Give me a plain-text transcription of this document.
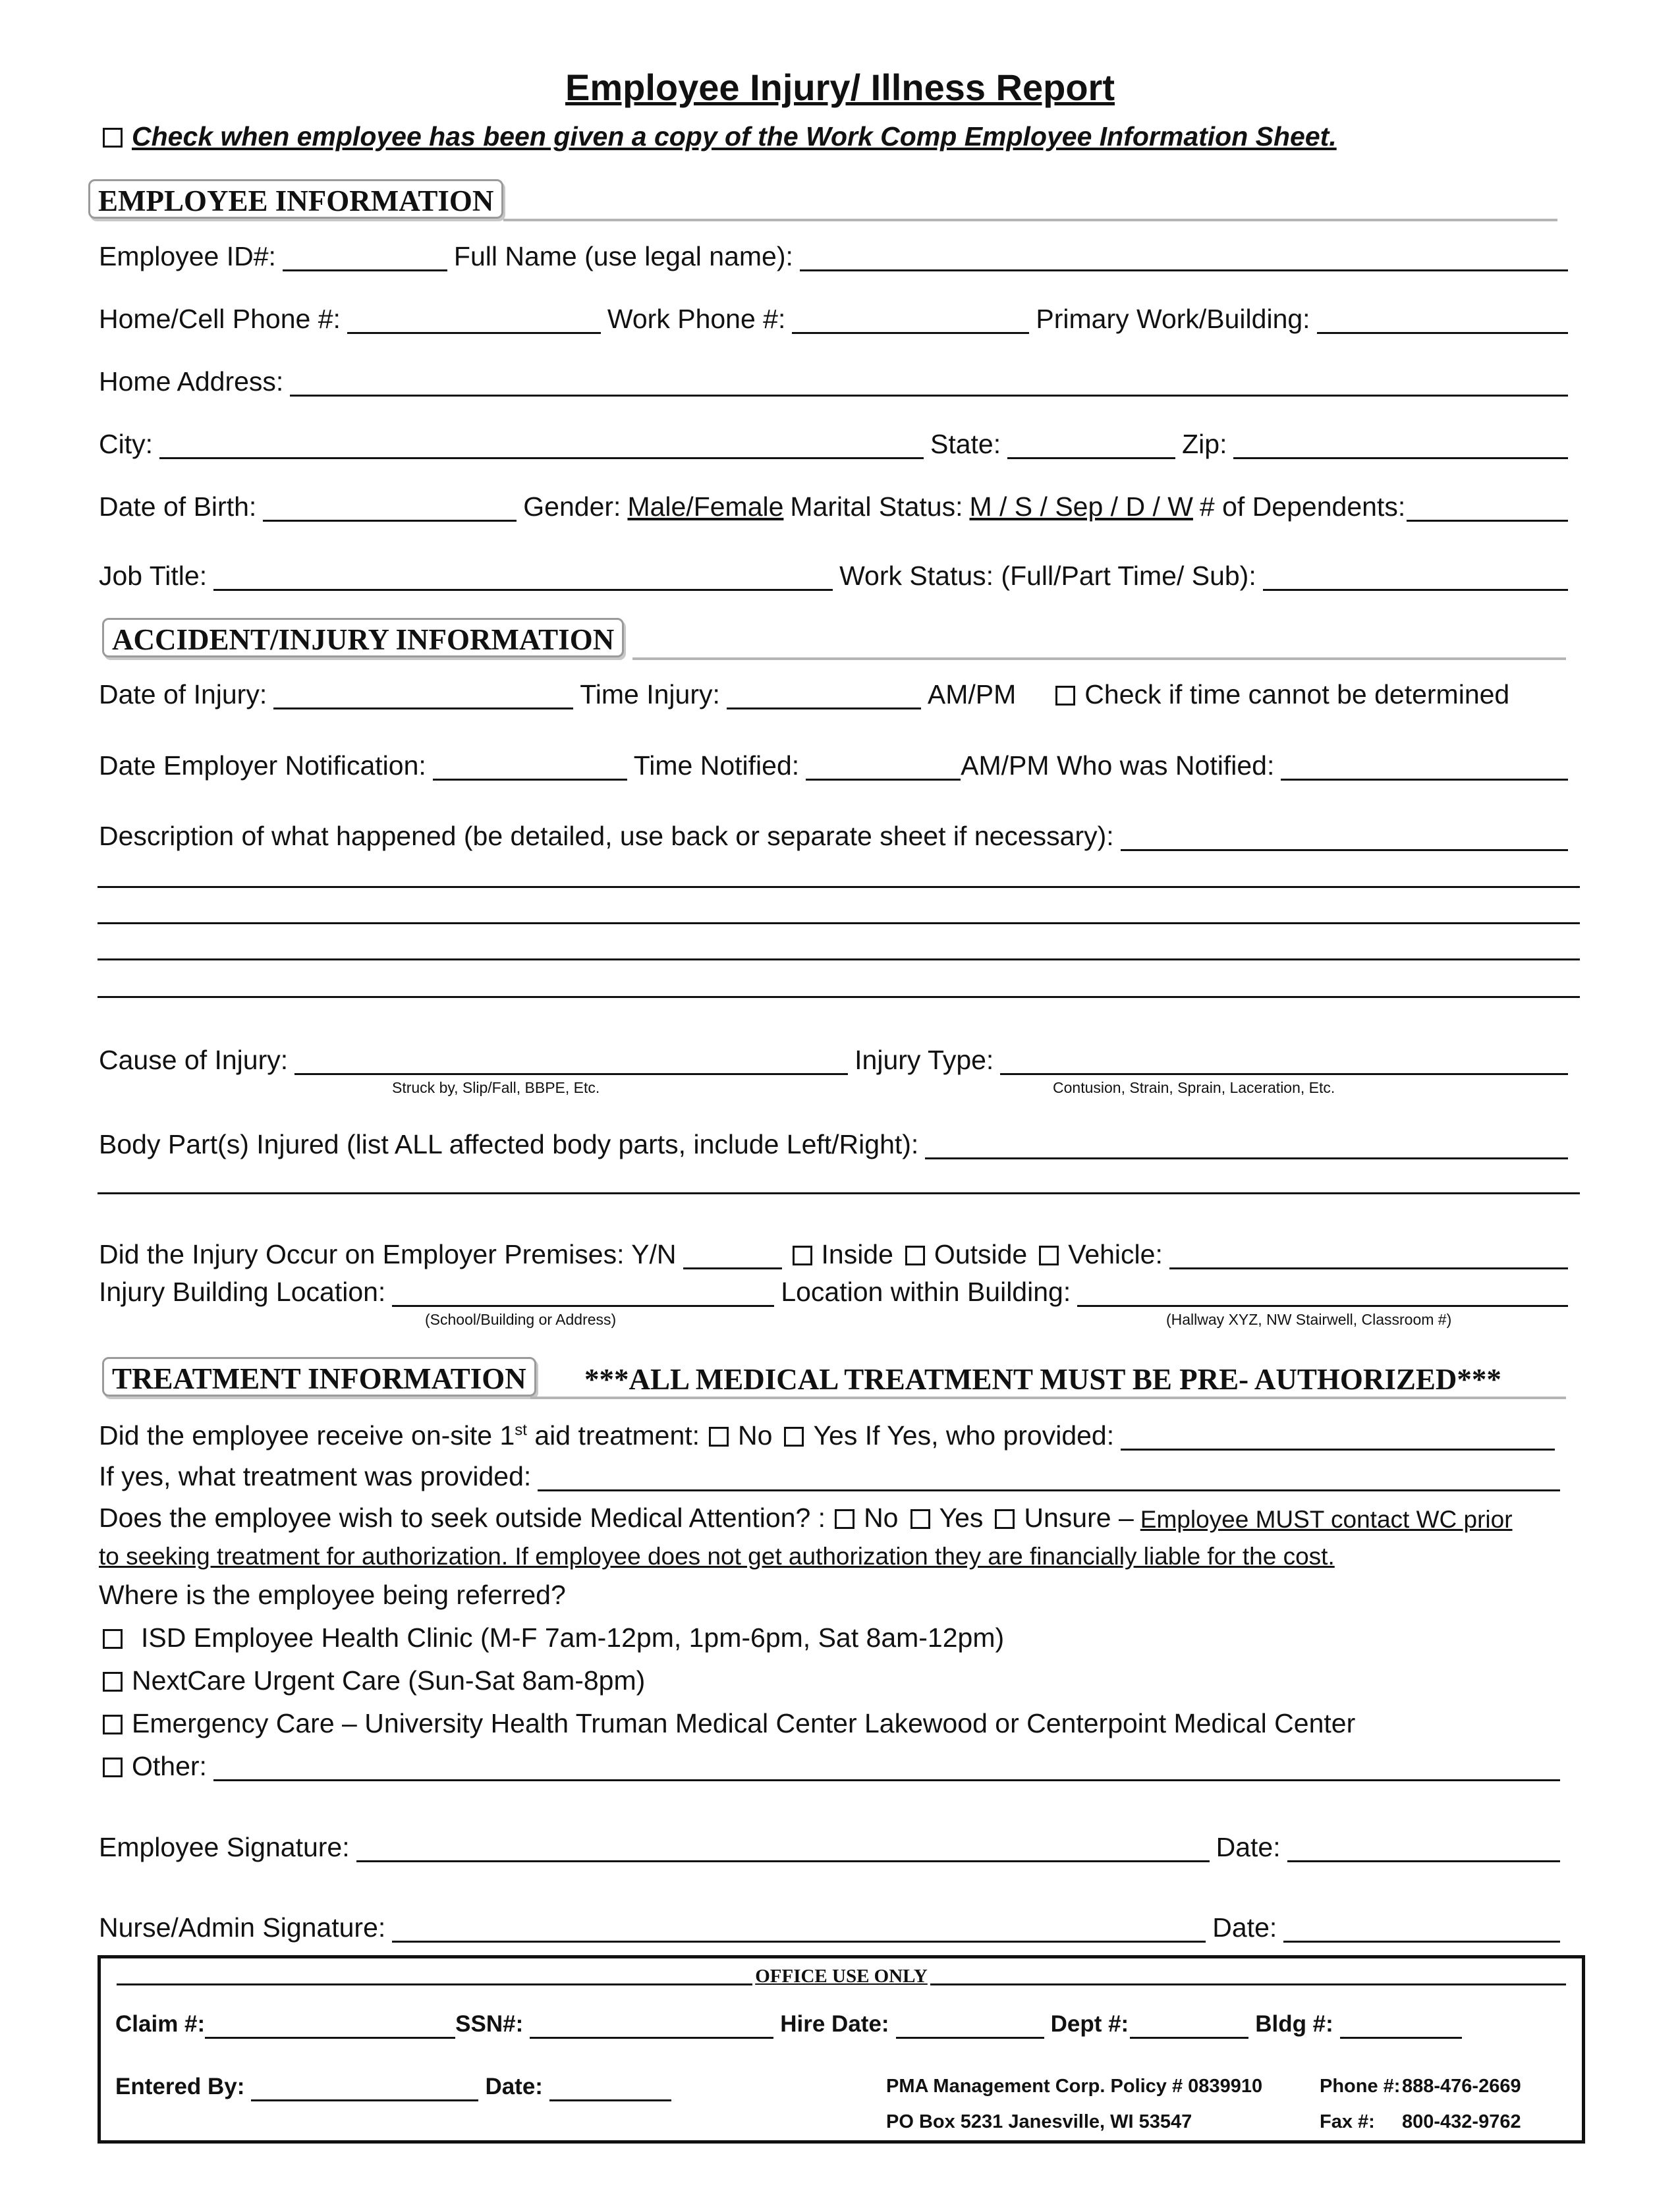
Employee Injury/ Illness Report
Check when employee has been given a copy of the Work Comp Employee Information Sheet.
EMPLOYEE INFORMATION
Employee ID#:	Full Name (use legal name):
Home/Cell Phone #:	Work Phone #:	Primary Work/Building:
Home Address:
City:	State:	Zip:
Date of Birth:	Gender: Male/Female Marital Status: M / S / Sep / D / W # of Dependents:
Job Title:	Work Status: (Full/Part Time/ Sub):
ACCIDENT/INJURY INFORMATION
Date of Injury:	Time Injury:	AM/PM	Check if time cannot be determined
Date Employer Notification:	Time Notified:	AM/PM Who was Notified:
Description of what happened (be detailed, use back or separate sheet if necessary):
Cause of Injury:	Injury Type:
Struck by, Slip/Fall, BBPE, Etc.	Contusion, Strain, Sprain, Laceration, Etc.
Body Part(s) Injured (list ALL affected body parts, include Left/Right):
Did the Injury Occur on Employer Premises: Y/N	Inside Outside Vehicle:
Injury Building Location:	Location within Building:
(School/Building or Address)	(Hallway XYZ, NW Stairwell, Classroom #)
TREATMENT INFORMATION	***ALL MEDICAL TREATMENT MUST BE PRE- AUTHORIZED***
Did the employee receive on-site 1st aid treatment: No Yes If Yes, who provided:
If yes, what treatment was provided:
Does the employee wish to seek outside Medical Attention? : No Yes Unsure – Employee MUST contact WC prior
to seeking treatment for authorization. If employee does not get authorization they are financially liable for the cost.
Where is the employee being referred?
ISD Employee Health Clinic (M-F 7am-12pm, 1pm-6pm, Sat 8am-12pm)
NextCare Urgent Care (Sun-Sat 8am-8pm)
Emergency Care – University Health Truman Medical Center Lakewood or Centerpoint Medical Center
Other:
Employee Signature:	Date:
Nurse/Admin Signature:	Date:
OFFICE USE ONLY
Claim #:	SSN#:	Hire Date:	Dept #:	Bldg #:
Entered By:	Date:	PMA Management Corp. Policy # 0839910
PO Box 5231 Janesville, WI 53547
Phone #: 888-476-2669
Fax #: 800-432-9762
